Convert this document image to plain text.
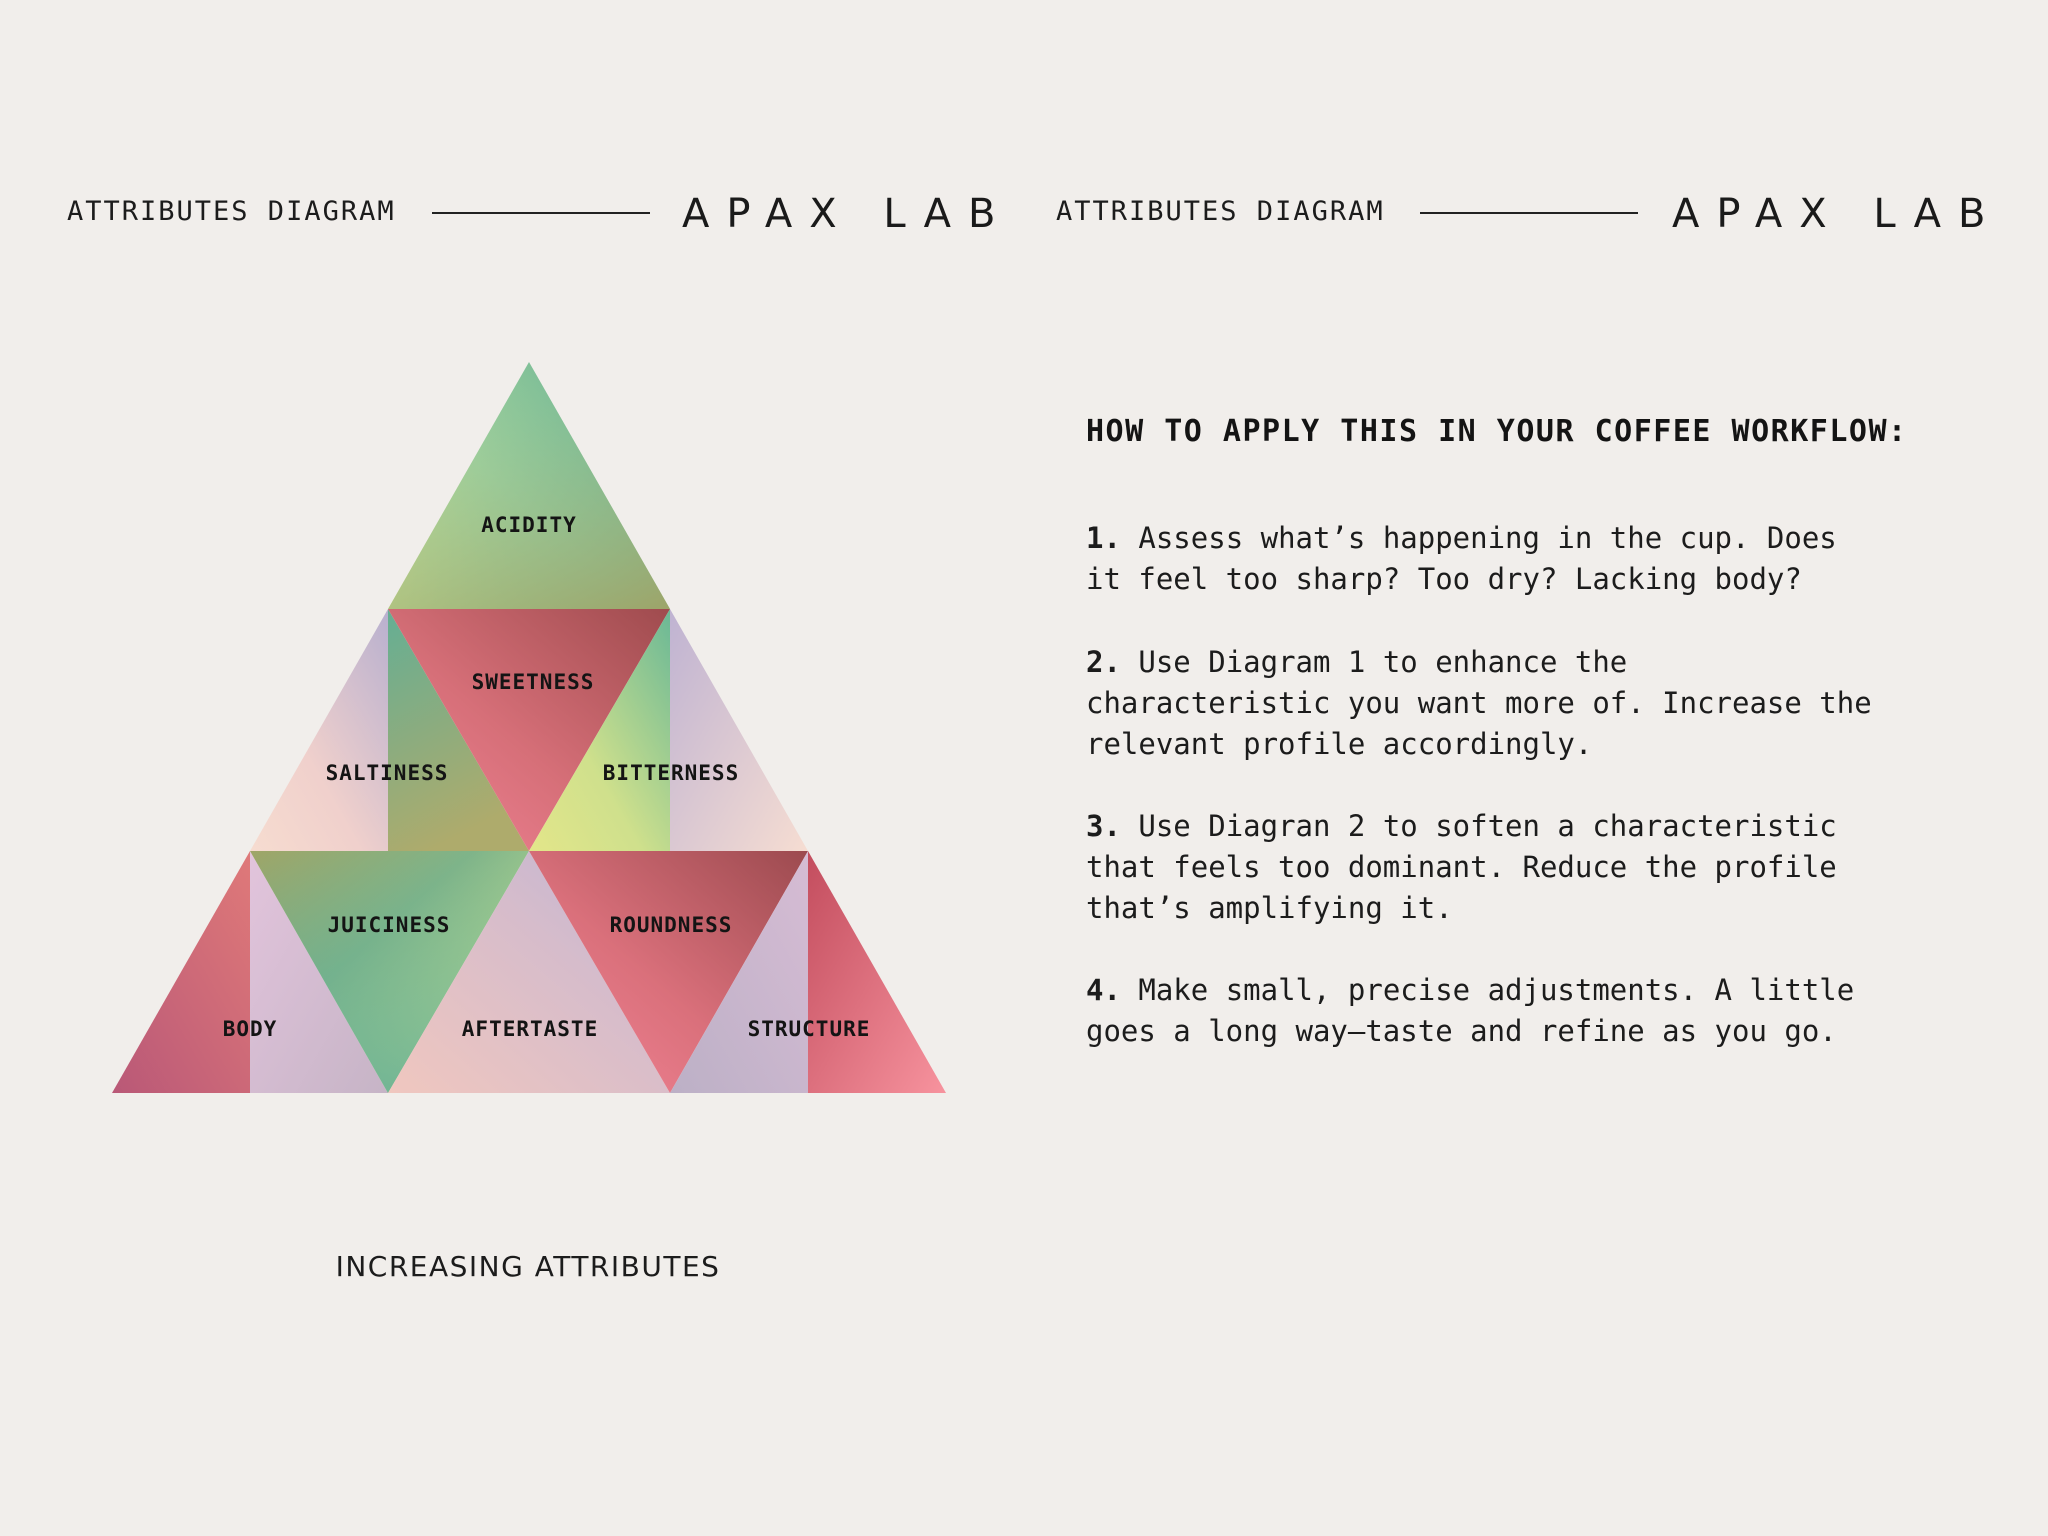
ATTRIBUTES DIAGRAM	APAX LAB
ACIDITY
SWEETNESS
SALTINESS	BITTERNESS
JUICINESS	ROUNDNESS
BODY	AFTERTASTE	STRUCTURE
INCREASING ATTRIBUTES
ATTRIBUTES DIAGRAM	APAX LAB
HOW TO APPLY THIS IN YOUR COFFEE WORKFLOW:
1. Assess what’s happening in the cup. Does
it feel too sharp? Too dry? Lacking body?
2. Use Diagram 1 to enhance the
characteristic you want more of. Increase the
relevant profile accordingly.
3. Use Diagran 2 to soften a characteristic
that feels too dominant. Reduce the profile
that’s amplifying it.
4. Make small, precise adjustments. A little
goes a long way—taste and refine as you go.
